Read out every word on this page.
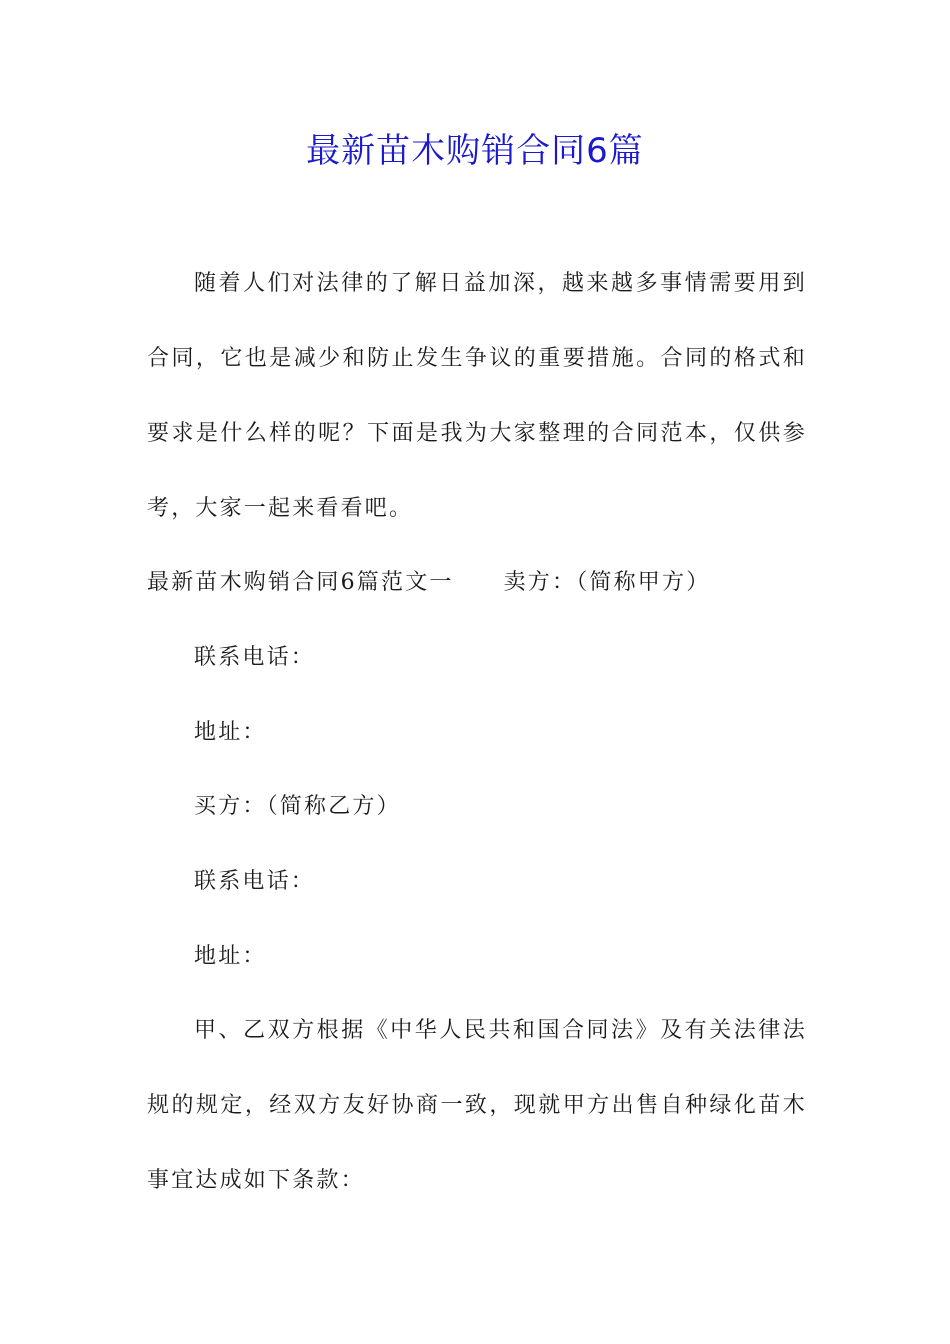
最新苗木购销合同6篇

随着人们对法律的了解日益加深，越来越多事情需要用到合同，它也是减少和防止发生争议的重要措施。合同的格式和要求是什么样的呢？下面是我为大家整理的合同范本，仅供参考，大家一起来看看吧。

最新苗木购销合同6篇范文一 卖方：（简称甲方）

联系电话：

地址：

买方：（简称乙方）

联系电话：

地址：

甲、乙双方根据《中华人民共和国合同法》及有关法律法规的规定，经双方友好协商一致，现就甲方出售自种绿化苗木事宜达成如下条款：
